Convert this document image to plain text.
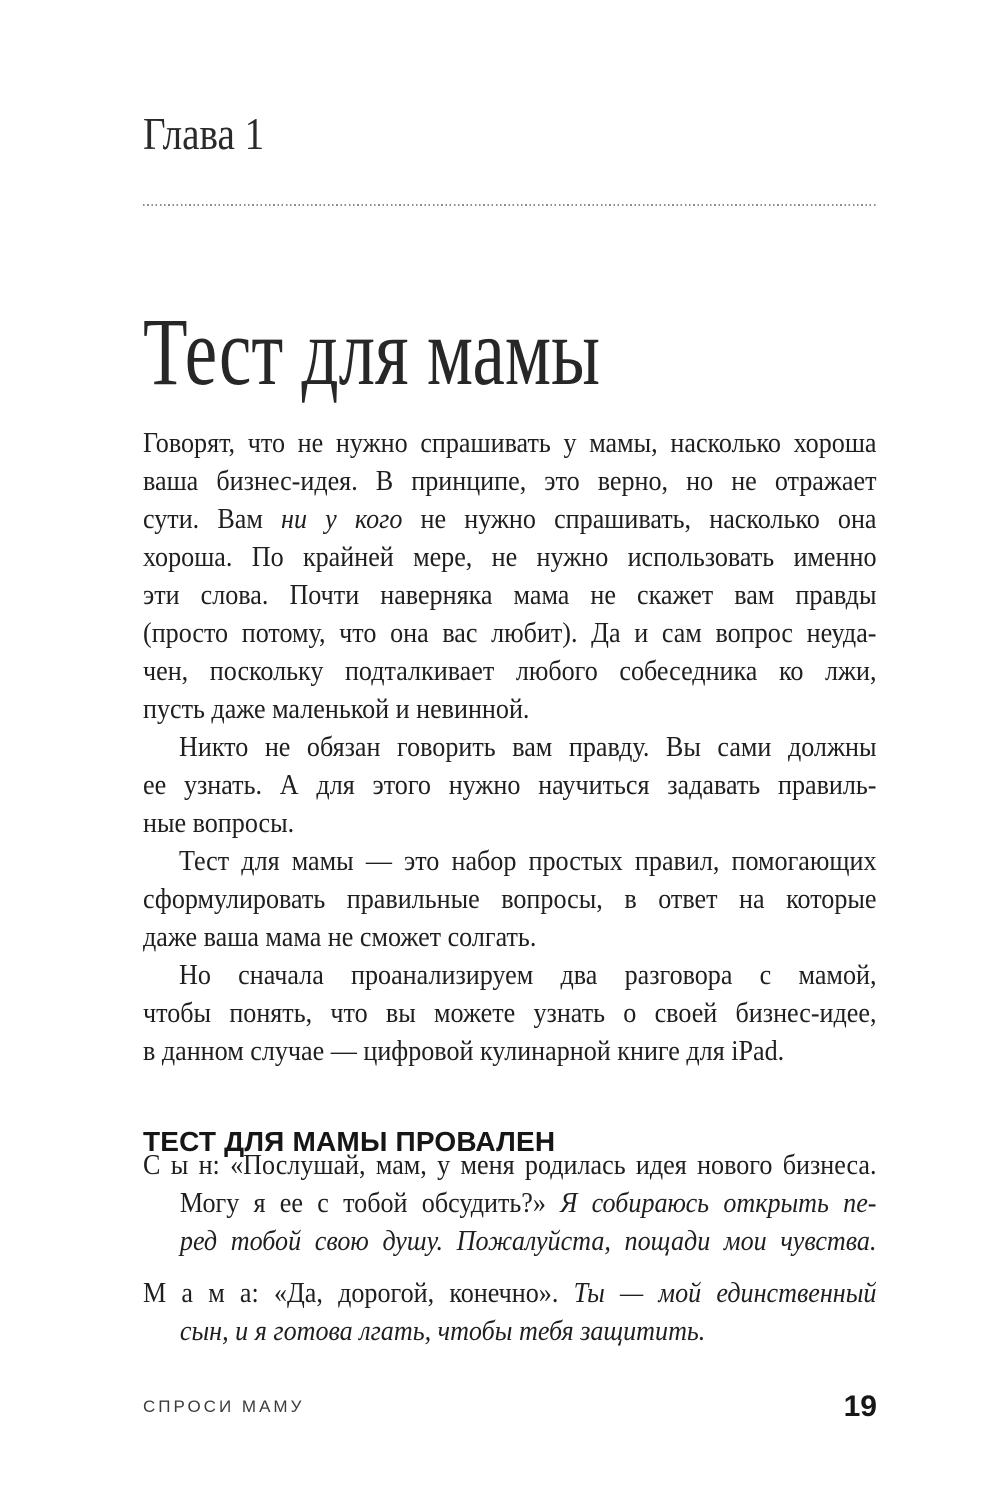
Глава 1
Тест для мамы
Говорят, что не нужно спрашивать у мамы, насколько хороша
ваша бизнес-идея. В принципе, это верно, но не отражает
сути. Вам ни у кого не нужно спрашивать, насколько она
хороша. По крайней мере, не нужно использовать именно
эти слова. Почти наверняка мама не скажет вам правды
(просто потому, что она вас любит). Да и сам вопрос неуда-
чен, поскольку подталкивает любого собеседника ко лжи,
пусть даже маленькой и невинной.
Никто не обязан говорить вам правду. Вы сами должны
ее узнать. А для этого нужно научиться задавать правиль-
ные вопросы.
Тест для мамы — это набор простых правил, помогающих
сформулировать правильные вопросы, в ответ на которые
даже ваша мама не сможет солгать.
Но сначала проанализируем два разговора с мамой,
чтобы понять, что вы можете узнать о своей бизнес-идее,
в данном случае — цифровой кулинарной книге для iPad.
ТЕСТ ДЛЯ МАМЫ ПРОВАЛЕН
С ы н: «Послушай, мам, у меня родилась идея нового бизнеса.
Могу я ее с тобой обсудить?» Я собираюсь открыть пе-
ред тобой свою душу. Пожалуйста, пощади мои чувства.
М а м а: «Да, дорогой, конечно». Ты — мой единственный
сын, и я готова лгать, чтобы тебя защитить.
СПРОСИ МАМУ	19
